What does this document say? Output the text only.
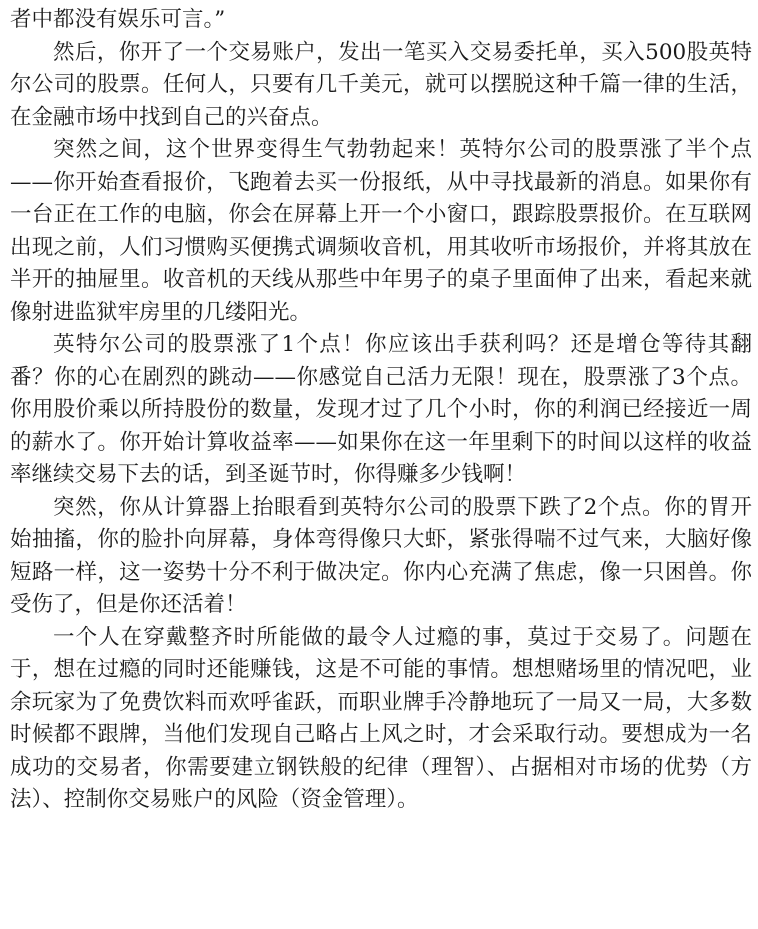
者中都没有娱乐可言。”

然后，你开了一个交易账户，发出一笔买入交易委托单，买入500股英特尔公司的股票。任何人，只要有几千美元，就可以摆脱这种千篇一律的生活，在金融市场中找到自己的兴奋点。

突然之间，这个世界变得生气勃勃起来！英特尔公司的股票涨了半个点——你开始查看报价，飞跑着去买一份报纸，从中寻找最新的消息。如果你有一台正在工作的电脑，你会在屏幕上开一个小窗口，跟踪股票报价。在互联网出现之前，人们习惯购买便携式调频收音机，用其收听市场报价，并将其放在半开的抽屉里。收音机的天线从那些中年男子的桌子里面伸了出来，看起来就像射进监狱牢房里的几缕阳光。

英特尔公司的股票涨了1个点！你应该出手获利吗？还是增仓等待其翻番？你的心在剧烈的跳动——你感觉自己活力无限！现在，股票涨了3个点。你用股价乘以所持股份的数量，发现才过了几个小时，你的利润已经接近一周的薪水了。你开始计算收益率——如果你在这一年里剩下的时间以这样的收益率继续交易下去的话，到圣诞节时，你得赚多少钱啊！

突然，你从计算器上抬眼看到英特尔公司的股票下跌了2个点。你的胃开始抽搐，你的脸扑向屏幕，身体弯得像只大虾，紧张得喘不过气来，大脑好像短路一样，这一姿势十分不利于做决定。你内心充满了焦虑，像一只困兽。你受伤了，但是你还活着！

一个人在穿戴整齐时所能做的最令人过瘾的事，莫过于交易了。问题在于，想在过瘾的同时还能赚钱，这是不可能的事情。想想赌场里的情况吧，业余玩家为了免费饮料而欢呼雀跃，而职业牌手冷静地玩了一局又一局，大多数时候都不跟牌，当他们发现自己略占上风之时，才会采取行动。要想成为一名成功的交易者，你需要建立钢铁般的纪律（理智）、占据相对市场的优势（方法）、控制你交易账户的风险（资金管理）。
